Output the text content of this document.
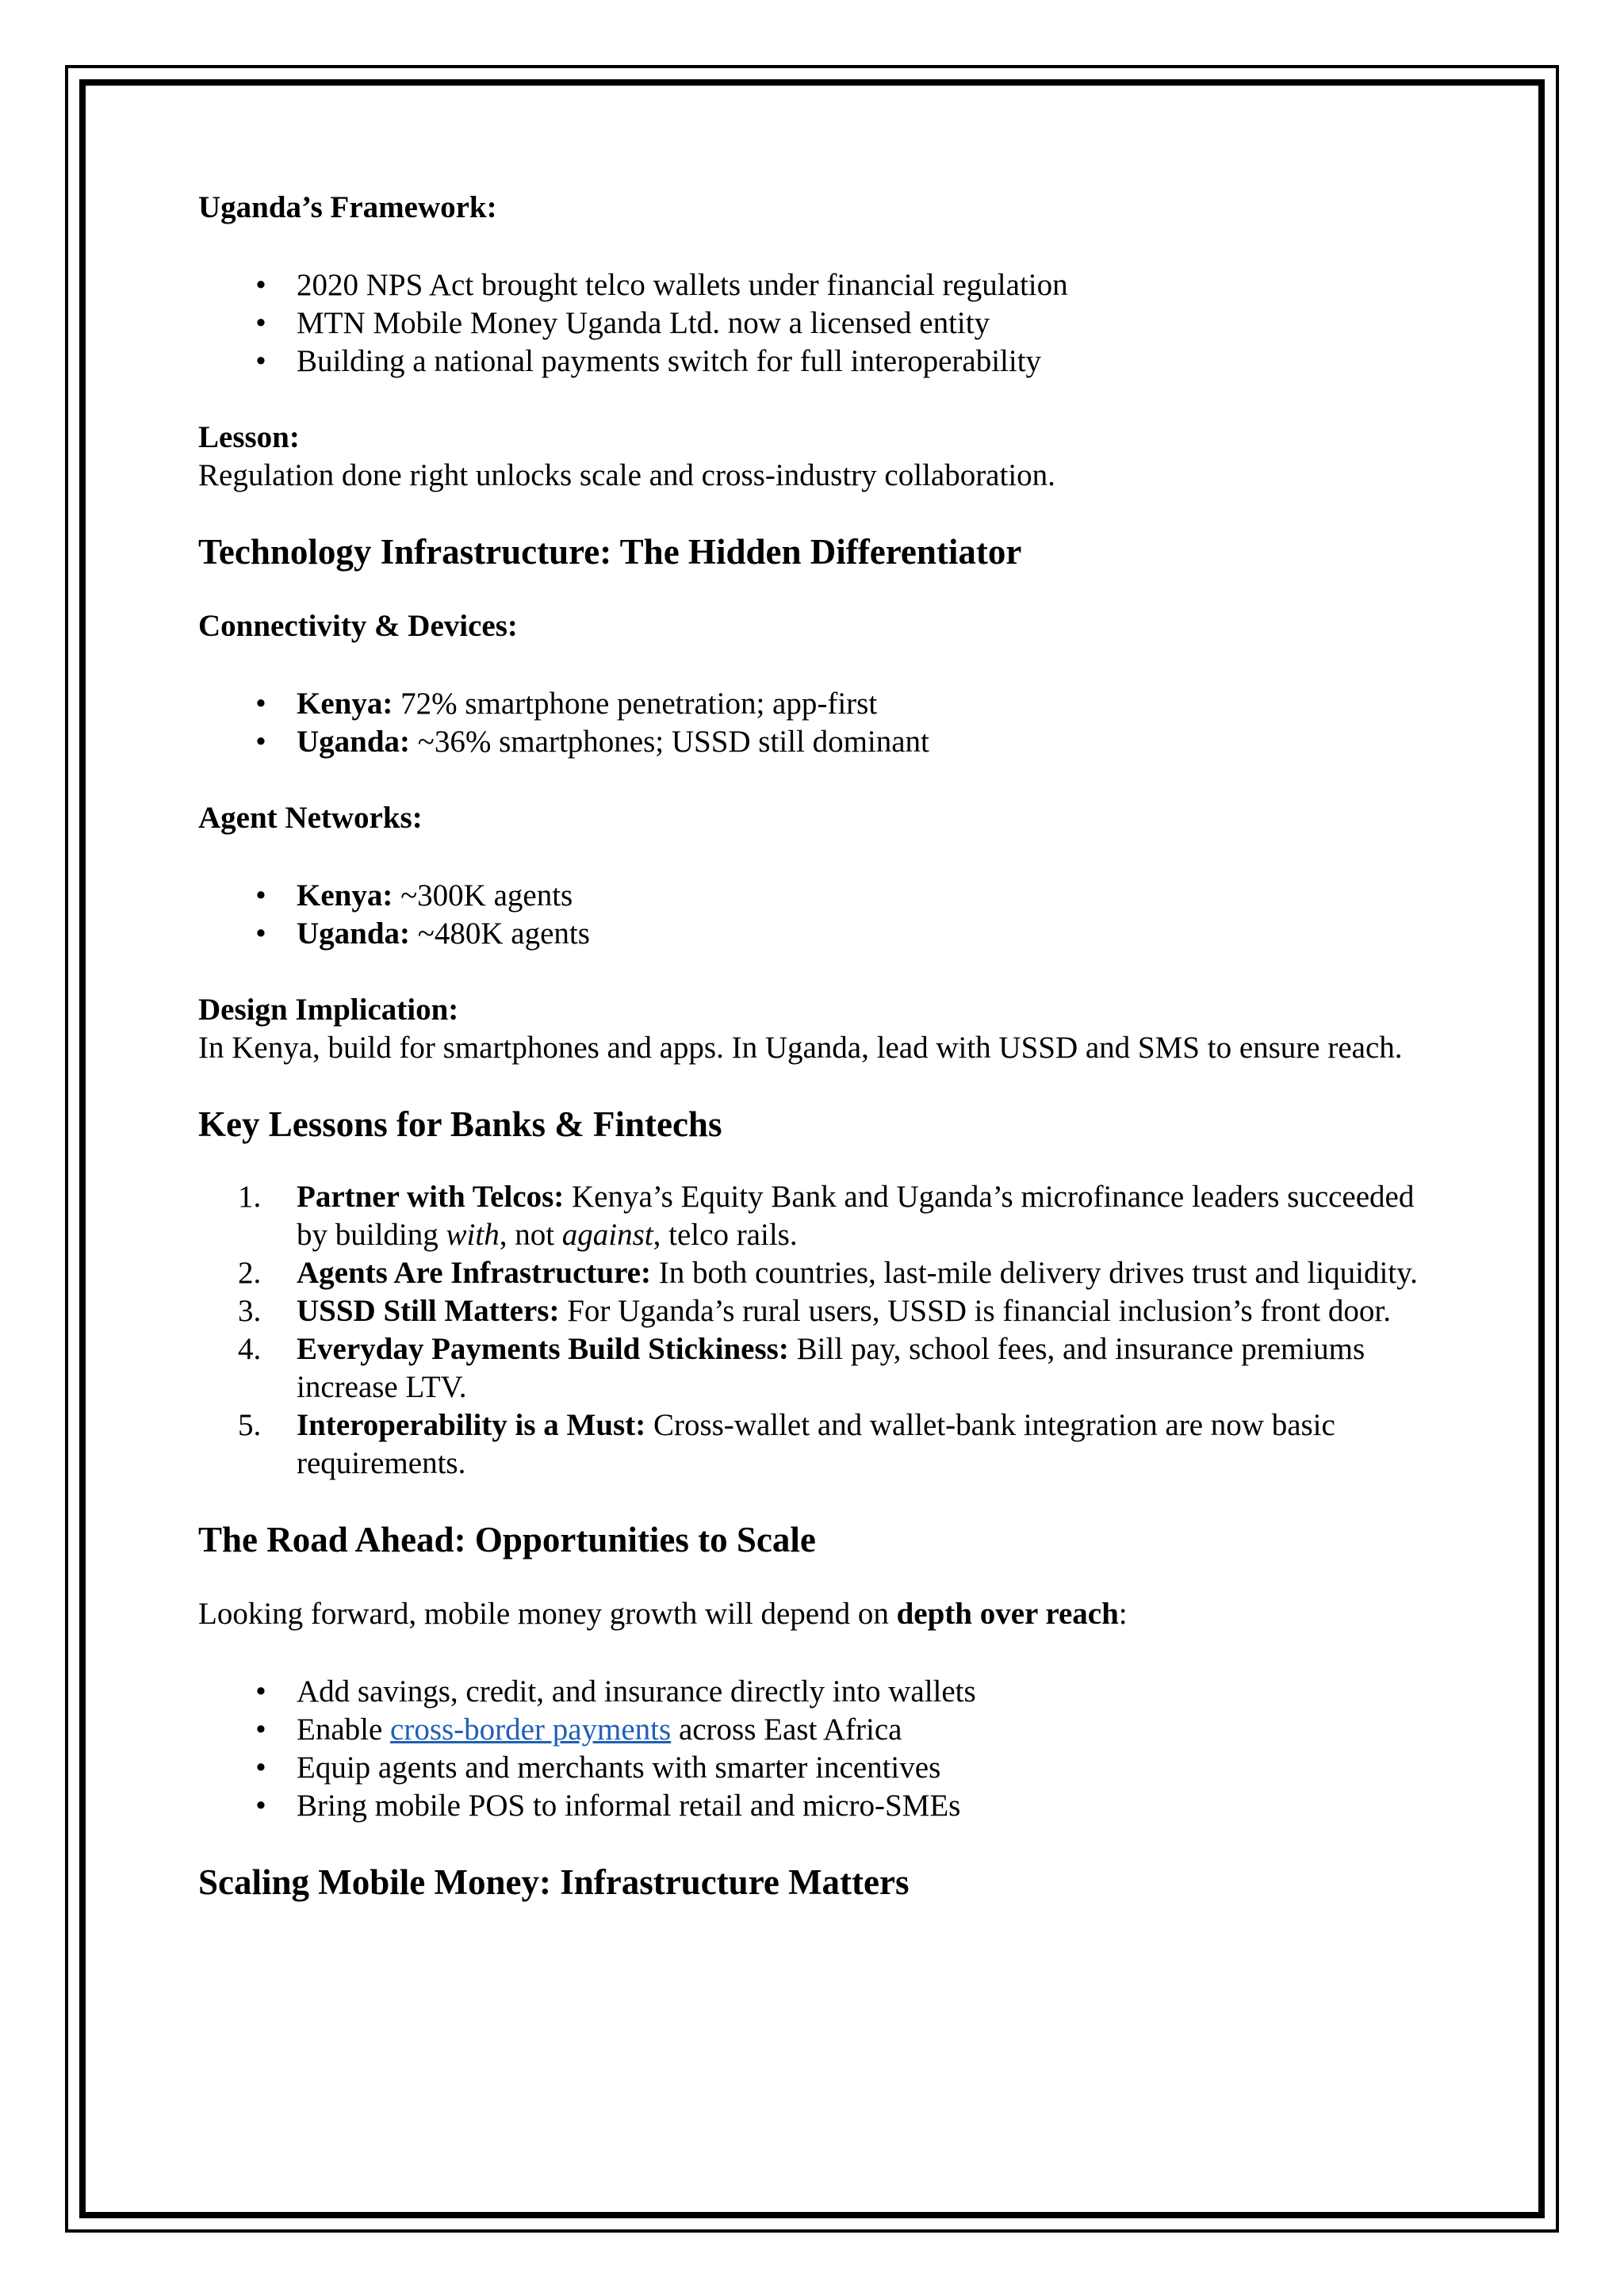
Uganda’s Framework:

• 2020 NPS Act brought telco wallets under financial regulation
• MTN Mobile Money Uganda Ltd. now a licensed entity
• Building a national payments switch for full interoperability

Lesson:

Regulation done right unlocks scale and cross-industry collaboration.

Technology Infrastructure: The Hidden Differentiator

Connectivity & Devices:

• Kenya: 72% smartphone penetration; app-first
• Uganda: ~36% smartphones; USSD still dominant

Agent Networks:

• Kenya: ~300K agents
• Uganda: ~480K agents

Design Implication:

In Kenya, build for smartphones and apps. In Uganda, lead with USSD and SMS to ensure reach.

Key Lessons for Banks & Fintechs
1.	Partner with Telcos: Kenya’s Equity Bank and Uganda’s microfinance leaders succeeded by building with, not against, telco rails.
2.	Agents Are Infrastructure: In both countries, last-mile delivery drives trust and liquidity.
3.	USSD Still Matters: For Uganda’s rural users, USSD is financial inclusion’s front door.
4.	Everyday Payments Build Stickiness: Bill pay, school fees, and insurance premiums increase LTV.
5.	Interoperability is a Must: Cross-wallet and wallet-bank integration are now basic requirements.
The Road Ahead: Opportunities to Scale

Looking forward, mobile money growth will depend on depth over reach:

• Add savings, credit, and insurance directly into wallets
• Enable cross-border payments across East Africa
• Equip agents and merchants with smarter incentives
• Bring mobile POS to informal retail and micro-SMEs
Scaling Mobile Money: Infrastructure Matters
